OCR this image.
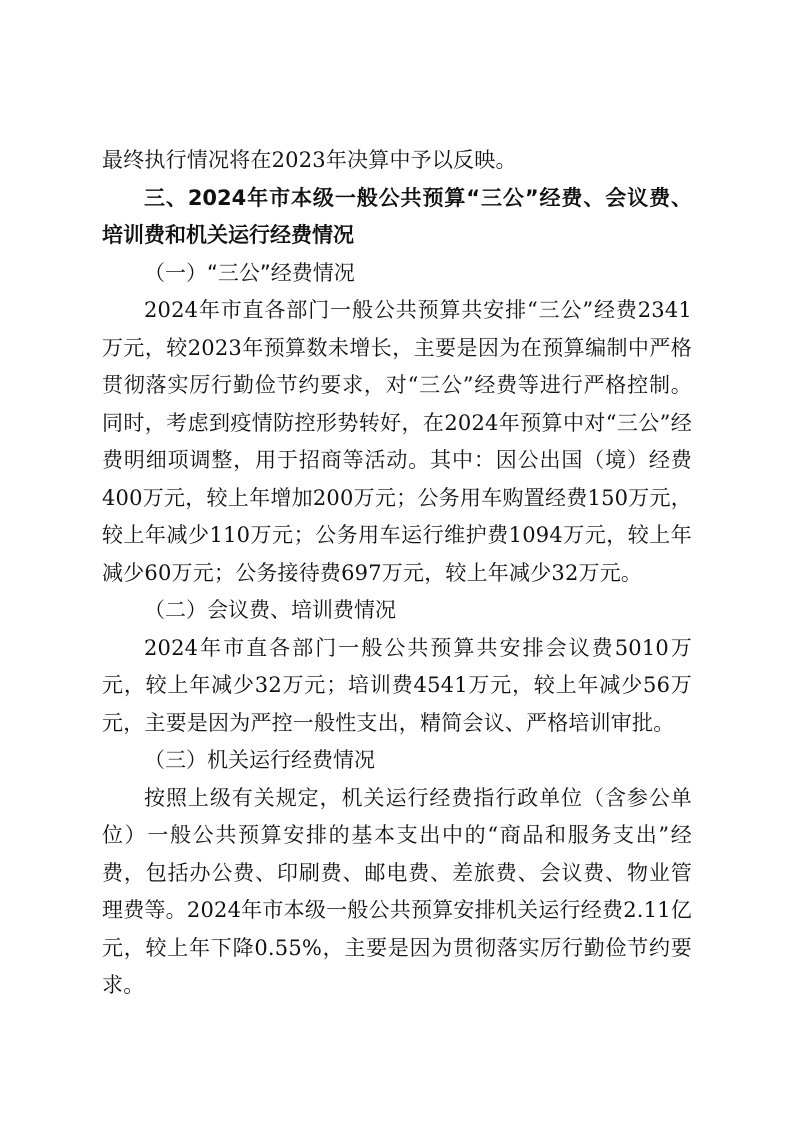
最终执行情况将在2023年决算中予以反映。

三、2024年市本级一般公共预算“三公”经费、会议费、培训费和机关运行经费情况

（一）“三公”经费情况

2024年市直各部门一般公共预算共安排“三公”经费2341万元，较2023年预算数未增长，主要是因为在预算编制中严格贯彻落实厉行勤俭节约要求，对“三公”经费等进行严格控制。同时，考虑到疫情防控形势转好，在2024年预算中对“三公”经费明细项调整，用于招商等活动。其中：因公出国（境）经费400万元，较上年增加200万元；公务用车购置经费150万元，较上年减少110万元；公务用车运行维护费1094万元，较上年减少60万元；公务接待费697万元，较上年减少32万元。

（二）会议费、培训费情况

2024年市直各部门一般公共预算共安排会议费5010万元，较上年减少32万元；培训费4541万元，较上年减少56万元，主要是因为严控一般性支出，精简会议、严格培训审批。

（三）机关运行经费情况

按照上级有关规定，机关运行经费指行政单位（含参公单位）一般公共预算安排的基本支出中的“商品和服务支出”经费，包括办公费、印刷费、邮电费、差旅费、会议费、物业管理费等。2024年市本级一般公共预算安排机关运行经费2.11亿元，较上年下降0.55%，主要是因为贯彻落实厉行勤俭节约要求。
